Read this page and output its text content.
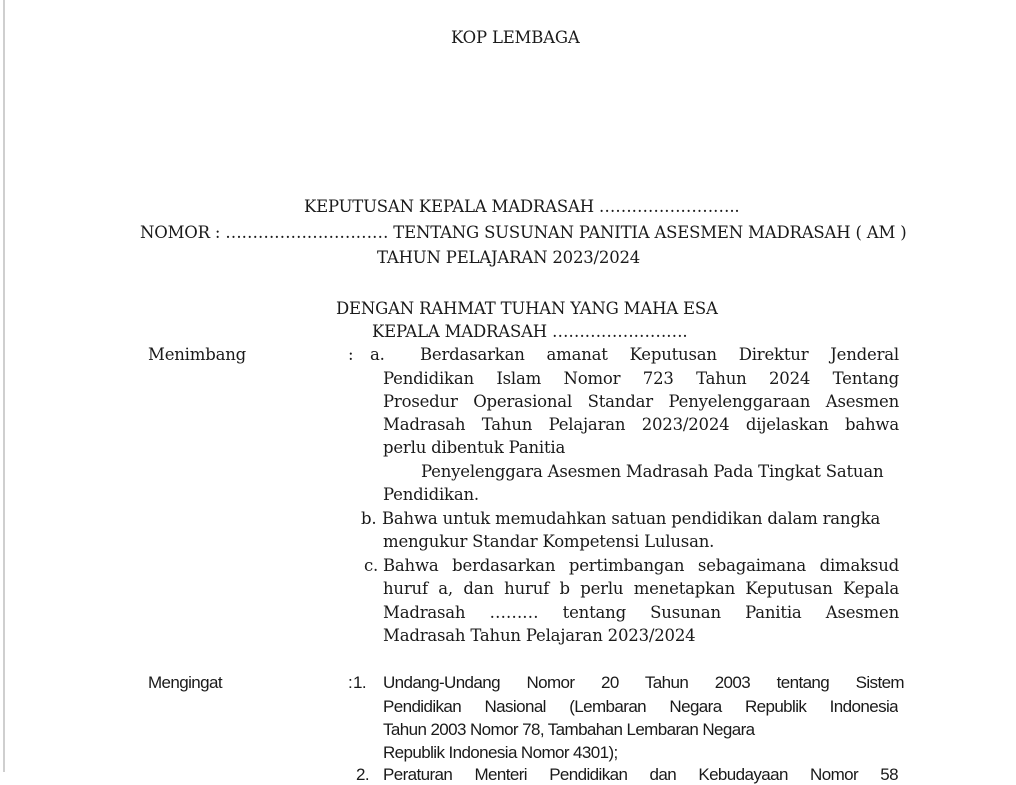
KOP LEMBAGA
KEPUTUSAN KEPALA MADRASAH ……………………..
NOMOR : ………………………… TENTANG SUSUNAN PANITIA ASESMEN MADRASAH ( AM )
TAHUN PELAJARAN 2023/2024
DENGAN RAHMAT TUHAN YANG MAHA ESA
KEPALA MADRASAH …………………….
Menimbang	: a. Berdasarkan amanat Keputusan Direktur Jenderal
Pendidikan Islam Nomor 723 Tahun 2024 Tentang
Prosedur Operasional Standar Penyelenggaraan Asesmen
Madrasah Tahun Pelajaran 2023/2024 dijelaskan bahwa
perlu dibentuk Panitia
Penyelenggara Asesmen Madrasah Pada Tingkat Satuan
Pendidikan.
b. Bahwa untuk memudahkan satuan pendidikan dalam rangka
mengukur Standar Kompetensi Lulusan.
c. Bahwa berdasarkan pertimbangan sebagaimana dimaksud
huruf a, dan huruf b perlu menetapkan Keputusan Kepala
Madrasah ……… tentang Susunan Panitia Asesmen
Madrasah Tahun Pelajaran 2023/2024
Mengingat	: 1. Undang-Undang Nomor 20 Tahun 2003 tentang Sistem
Pendidikan Nasional (Lembaran Negara Republik Indonesia
Tahun 2003 Nomor 78, Tambahan Lembaran Negara
Republik Indonesia Nomor 4301);
2. Peraturan Menteri Pendidikan dan Kebudayaan Nomor 58
